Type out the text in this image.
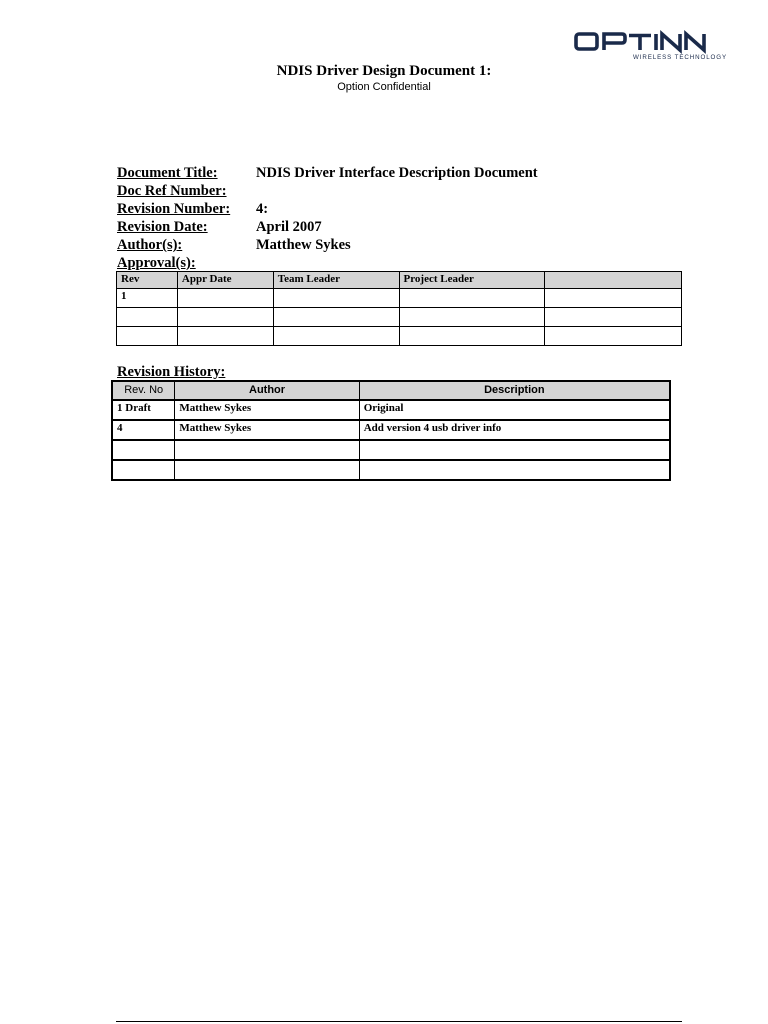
WIRELESS TECHNOLOGY
NDIS Driver Design Document 1:
Option Confidential
Document Title:	NDIS Driver Interface Description Document
Doc Ref Number:
Revision Number: 4:
Revision Date:	April 2007
Author(s):	Matthew Sykes
Approval(s):
Rev	Appr Date	Team Leader	Project Leader	
1				

Revision History:
Rev. No	Author	Description
1 Draft	Matthew Sykes	Original
4	Matthew Sykes	Add version 4 usb driver info
